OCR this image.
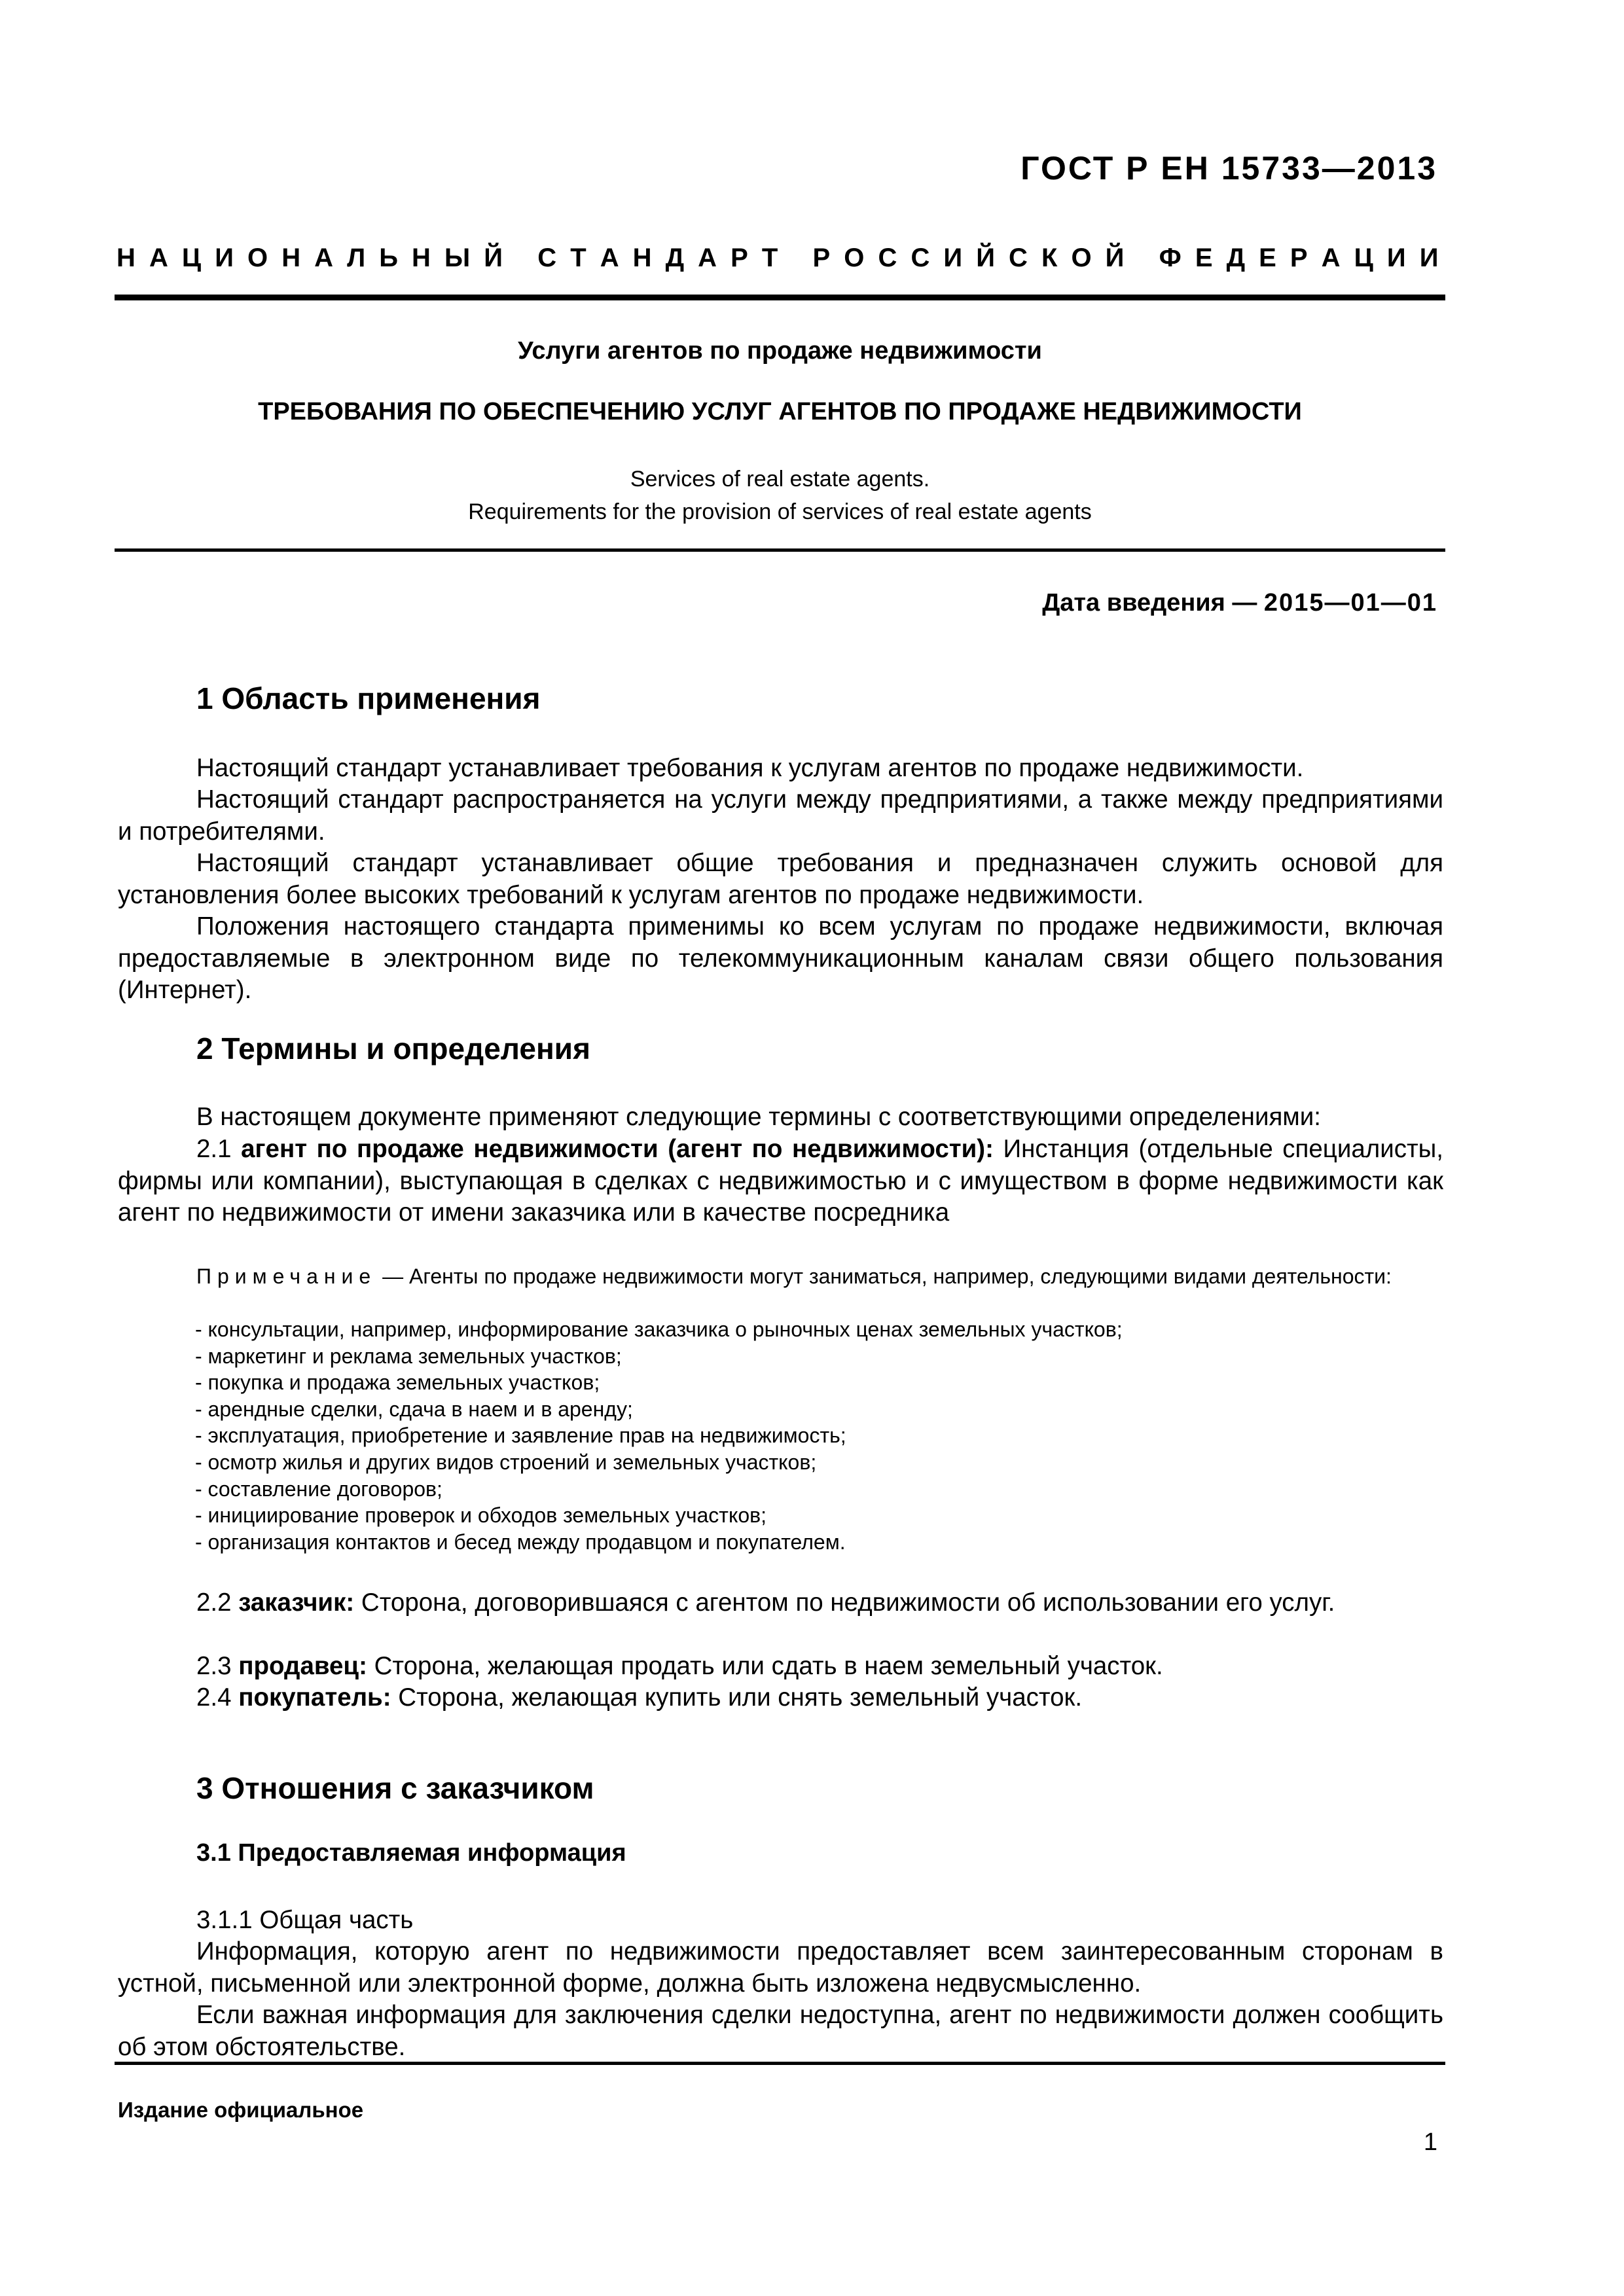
ГОСТ Р ЕН 15733—2013
Н А Ц И О Н А Л Ь Н Ы Й
С Т А Н Д А Р Т
Р О С С И Й С К О Й
Ф Е Д Е Р А Ц И И
Услуги агентов по продаже недвижимости
ТРЕБОВАНИЯ ПО ОБЕСПЕЧЕНИЮ УСЛУГ АГЕНТОВ ПО ПРОДАЖЕ НЕДВИЖИМОСТИ
Services of real estate agents.
Requirements for the provision of services of real estate agents
Дата введения — 2015—01—01
1 Область применения

Настоящий стандарт устанавливает требования к услугам агентов по продаже недвижимости.

Настоящий стандарт распространяется на услуги между предприятиями, а также между предприятиями и потребителями.

Настоящий стандарт устанавливает общие требования и предназначен служить основой для установления более высоких требований к услугам агентов по продаже недвижимости.

Положения настоящего стандарта применимы ко всем услугам по продаже недвижимости, включая предоставляемые в электронном виде по телекоммуникационным каналам связи общего пользования (Интернет).

2 Термины и определения

В настоящем документе применяют следующие термины с соответствующими определениями:

2.1 агент по продаже недвижимости (агент по недвижимости): Инстанция (отдельные специалисты, фирмы или компании), выступающая в сделках с недвижимостью и с имуществом в форме недвижимости как агент по недвижимости от имени заказчика или в качестве посредника

Примечание — Агенты по продаже недвижимости могут заниматься, например, следующими видами деятельности:

- консультации, например, информирование заказчика о рыночных ценах земельных участков;
- маркетинг и реклама земельных участков;
- покупка и продажа земельных участков;
- арендные сделки, сдача в наем и в аренду;
- эксплуатация, приобретение и заявление прав на недвижимость;
- осмотр жилья и других видов строений и земельных участков;
- составление договоров;
- инициирование проверок и обходов земельных участков;
- организация контактов и бесед между продавцом и покупателем.

2.2 заказчик: Сторона, договорившаяся с агентом по недвижимости об использовании его услуг.

2.3 продавец: Сторона, желающая продать или сдать в наем земельный участок.

2.4 покупатель: Сторона, желающая купить или снять земельный участок.

3 Отношения с заказчиком
3.1 Предоставляемая информация

3.1.1 Общая часть

Информация, которую агент по недвижимости предоставляет всем заинтересованным сторонам в устной, письменной или электронной форме, должна быть изложена недвусмысленно.

Если важная информация для заключения сделки недоступна, агент по недвижимости должен сообщить об этом обстоятельстве.

Издание официальное
1
